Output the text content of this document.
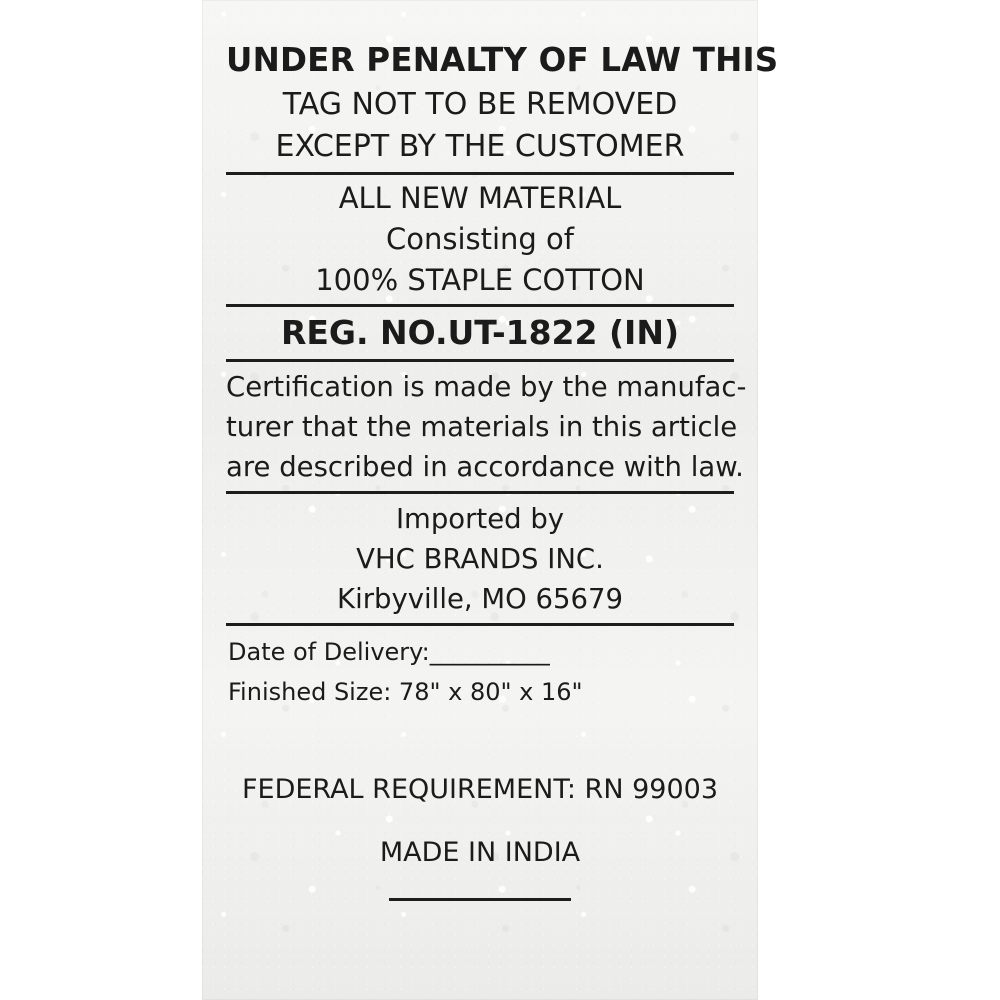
UNDER PENALTY OF LAW THIS
TAG NOT TO BE REMOVED
EXCEPT BY THE CUSTOMER
ALL NEW MATERIAL
Consisting of
100% STAPLE COTTON
REG. NO.UT-1822 (IN)
Certification is made by the manufac-
turer that the materials in this article
are described in accordance with law.
Imported by
VHC BRANDS INC.
Kirbyville, MO 65679
Date of Delivery:__________
Finished Size: 78" x 80" x 16"
FEDERAL REQUIREMENT: RN 99003
MADE IN INDIA
